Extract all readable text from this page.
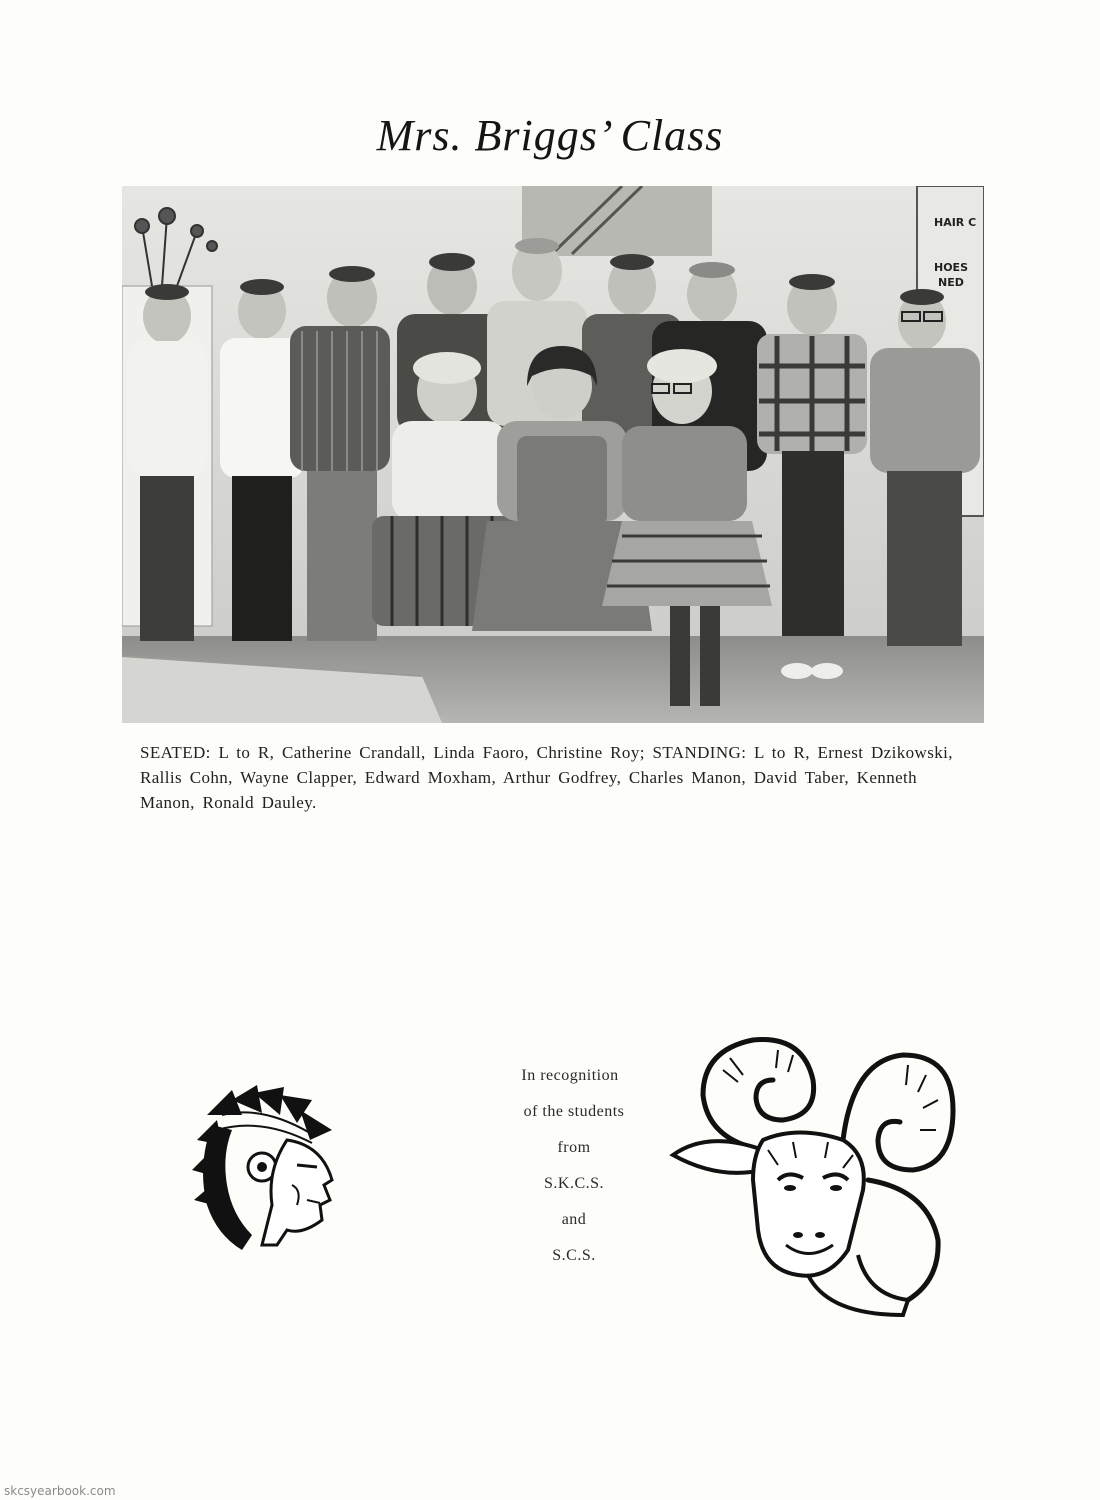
Mrs. Briggs’ Class
HAIR C
HOES
NED
SEATED: L to R, Catherine Crandall, Linda Faoro, Christine Roy; STANDING: L to R, Ernest Dzikowski, Rallis Cohn, Wayne Clapper, Edward Moxham, Arthur Godfrey, Charles Manon, David Taber, Kenneth Manon, Ronald Dauley.
In recognition
of the students
from
S.K.C.S.
and
S.C.S.
skcsyearbook.com
